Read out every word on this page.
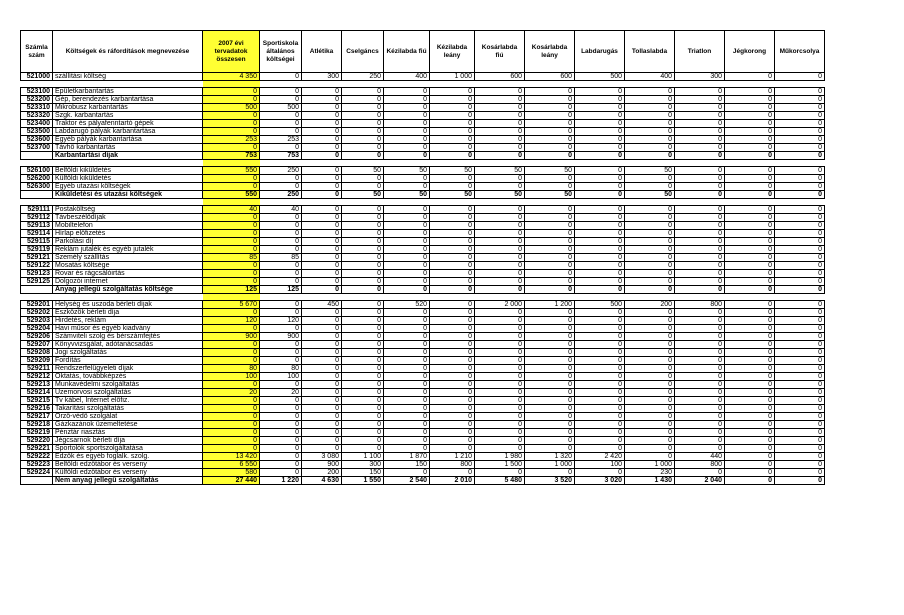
Számla szám	Költségek és ráfordítások megnevezése	2007 évi tervadatok összesen	Sportiskola általános költségei	Atlétika	Cselgáncs	Kézilabda fiú	Kézilabda leány	Kosárlabda fiú	Kosárlabda leány	Labdarugás	Tollaslabda	Triatlon	Jégkorong	Műkorcsolya
521000	szállítási költség	4 350	0	300	250	400	1 000	600	600	500	400	300	0	0

523100	Épületkarbantartás	0	0	0	0	0	0	0	0	0	0	0	0	0
523200	Gép, berendezés karbantartása	0	0	0	0	0	0	0	0	0	0	0	0	0
523310	Mikrobusz karbantartás	500	500	0	0	0	0	0	0	0	0	0	0	0
523320	Szgk. karbantartás	0	0	0	0	0	0	0	0	0	0	0	0	0
523400	Traktor és pályafenntartó gépek	0	0	0	0	0	0	0	0	0	0	0	0	0
523500	Labdarugó pályák karbantartása	0	0	0	0	0	0	0	0	0	0	0	0	0
523600	Egyéb pályák karbantartása	253	253	0	0	0	0	0	0	0	0	0	0	0
523700	Távhő karbantartás	0	0	0	0	0	0	0	0	0	0	0	0	0
	Karbantartási díjak	753	753	0	0	0	0	0	0	0	0	0	0	0

526100	Belföldi kiküldetés	550	250	0	50	50	50	50	50	0	50	0	0	0
526200	Külföldi kiküldetés	0	0	0	0	0	0	0	0	0	0	0	0	0
526300	Egyéb utazási költségek	0	0	0	0	0	0	0	0	0	0	0	0	0
	Kiküldetési és utazási költségek	550	250	0	50	50	50	50	50	0	50	0	0	0

529111	Postaköltség	40	40	0	0	0	0	0	0	0	0	0	0	0
529112	Távbeszélődíjak	0	0	0	0	0	0	0	0	0	0	0	0	0
529113	Mobiltelefon	0	0	0	0	0	0	0	0	0	0	0	0	0
529114	Hírlap előfizetés	0	0	0	0	0	0	0	0	0	0	0	0	0
529115	Parkolási díj	0	0	0	0	0	0	0	0	0	0	0	0	0
529119	Reklám jutalék és egyéb jutalék	0	0	0	0	0	0	0	0	0	0	0	0	0
529121	Személy szállítás	85	85	0	0	0	0	0	0	0	0	0	0	0
529122	Mosatás költsége	0	0	0	0	0	0	0	0	0	0	0	0	0
529123	Rovar és rágcsálóirtás	0	0	0	0	0	0	0	0	0	0	0	0	0
529125	Dolgozói internet	0	0	0	0	0	0	0	0	0	0	0	0	0
	Anyag jellegű szolgáltatás költsége	125	125	0	0	0	0	0	0	0	0	0	0	0

529201	Helység és uszoda bérleti díjak	5 670	0	450	0	520	0	2 000	1 200	500	200	800	0	0
529202	Eszközök bérleti díja	0	0	0	0	0	0	0	0	0	0	0	0	0
529203	Hirdetés, reklám	120	120	0	0	0	0	0	0	0	0	0	0	0
529204	Havi műsor és egyéb kiadvány	0	0	0	0	0	0	0	0	0	0	0	0	0
529206	Számviteli szolg és bérszámfejtés	900	900	0	0	0	0	0	0	0	0	0	0	0
529207	Könyvvizsgálat, adótanácsadás	0	0	0	0	0	0	0	0	0	0	0	0	0
529208	Jogi szolgáltatás	0	0	0	0	0	0	0	0	0	0	0	0	0
529209	Fordítás	0	0	0	0	0	0	0	0	0	0	0	0	0
529211	Rendszerfelügyeleti díjak	80	80	0	0	0	0	0	0	0	0	0	0	0
529212	Oktatás, továbbképzés	100	100	0	0	0	0	0	0	0	0	0	0	0
529213	Munkavédelmi szolgáltatás	0	0	0	0	0	0	0	0	0	0	0	0	0
529214	Üzemorvosi szolgáltatás	20	20	0	0	0	0	0	0	0	0	0	0	0
529215	Tv kábel, Internet előfiz.	0	0	0	0	0	0	0	0	0	0	0	0	0
529216	Takarítási szolgáltatás	0	0	0	0	0	0	0	0	0	0	0	0	0
529217	Őrző-védő szolgálat	0	0	0	0	0	0	0	0	0	0	0	0	0
529218	Gázkazánok üzemeltetése	0	0	0	0	0	0	0	0	0	0	0	0	0
529219	Pénztár riasztás	0	0	0	0	0	0	0	0	0	0	0	0	0
529220	Jégcsarnok bérleti díja	0	0	0	0	0	0	0	0	0	0	0	0	0
529221	Sportolók sportszolgáltatása	0	0	0	0	0	0	0	0	0	0	0	0	0
529222	Edzők és egyéb foglalk. szolg.	13 420	0	3 080	1 100	1 870	1 210	1 980	1 320	2 420	0	440	0	0
529223	Belföldi edzőtábor és verseny	6 550	0	900	300	150	800	1 500	1 000	100	1 000	800	0	0
529224	Külföldi edzőtábor és verseny	580	0	200	150	0	0	0	0	0	230	0	0	0
	Nem anyag jellegű szolgáltatás	27 440	1 220	4 630	1 550	2 540	2 010	5 480	3 520	3 020	1 430	2 040	0	0
